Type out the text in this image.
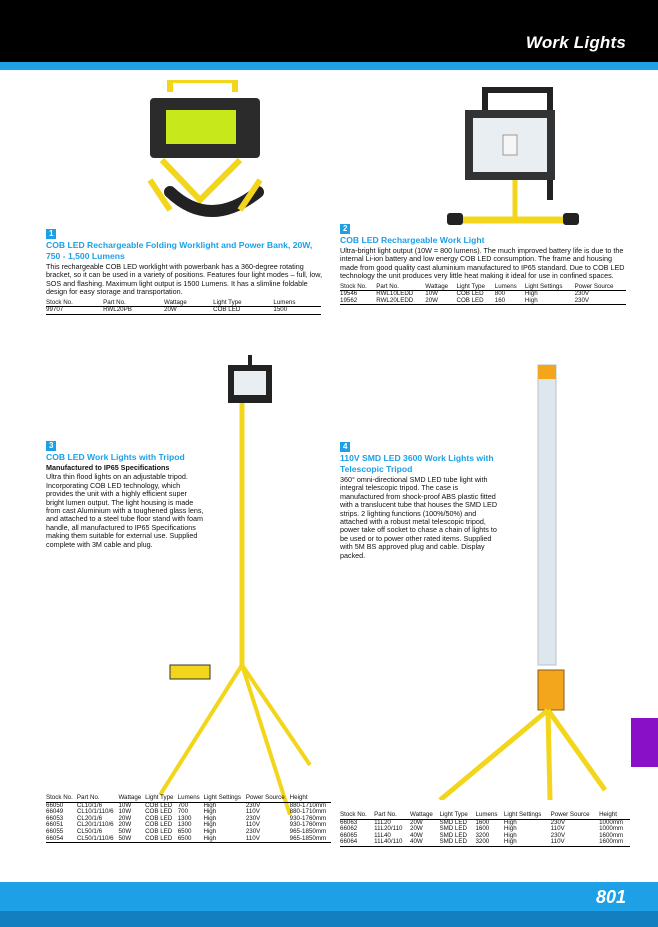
Work Lights
1
COB LED Rechargeable Folding Worklight and Power Bank, 20W, 750 - 1,500 Lumens
This rechargeable COB LED worklight with powerbank has a 360-degree rotating bracket, so it can be used in a variety of positions. Features four light modes – full, low, SOS and flashing. Maximum light output is 1500 Lumens. It has a slimline foldable design for easy storage and transportation.
Stock No.	Part No.	Wattage	Light Type	Lumens
99707	RWL20PB	20W	COB LED	1500
2
COB LED Rechargeable Work Light
Ultra-bright light output (10W = 800 lumens). The much improved battery life is due to the internal Li-ion battery and low energy COB LED consumption. The frame and housing made from good quality cast aluminium manufactured to IP65 standard. Due to COB LED technology the unit produces very little heat making it ideal for use in confined spaces.
Stock No.	Part No.	Wattage	Light Type	Lumens	Light Settings	Power Source
19546	RWL10LEDD	10W	COB LED	800	High	230V
19562	RWL20LEDD	20W	COB LED	160	High	230V
3
COB LED Work Lights with Tripod
Manufactured to IP65 Specifications
Ultra thin flood lights on an adjustable tripod. Incorporating COB LED technology, which provides the unit with a highly efficient super bright lumen output. The light housing is made from cast Aluminium with a toughened glass lens, and attached to a steel tube floor stand with foam handle, all manufactured to IP65 Specifications making them suitable for external use. Supplied complete with 3M cable and plug.
Stock No.	Part No.	Wattage	Light Type	Lumens	Light Settings	Power Source	Height
66050	CL10/1/6	10W	COB LED	700	High	230V	880-1710mm
66049	CL10/1/110/6	10W	COB LED	700	High	110V	880-1710mm
66053	CL20/1/6	20W	COB LED	1300	High	230V	930-1760mm
66051	CL20/1/110/6	20W	COB LED	1300	High	110V	930-1760mm
66055	CL50/1/6	50W	COB LED	6500	High	230V	965-1850mm
66054	CL50/1/110/6	50W	COB LED	6500	High	110V	965-1850mm
4
110V SMD LED 3600 Work Lights with Telescopic Tripod
360° omni-directional SMD LED tube light with integral telescopic tripod. The case is manufactured from shock-proof ABS plastic fitted with a translucent tube that houses the SMD LED strips. 2 lighting functions (100%/50%) and attached with a robust metal telescopic tripod, power take off socket to chase a chain of lights to be used or to power other rated items. Supplied with 5M BS approved plug and cable. Display packed.
Stock No.	Part No.	Wattage	Light Type	Lumens	Light Settings	Power Source	Height
66063	11L20	20W	SMD LED	1600	High	230V	1000mm
66062	11L20/110	20W	SMD LED	1600	High	110V	1000mm
66065	11L40	40W	SMD LED	3200	High	230V	1600mm
66064	11L40/110	40W	SMD LED	3200	High	110V	1600mm
801
